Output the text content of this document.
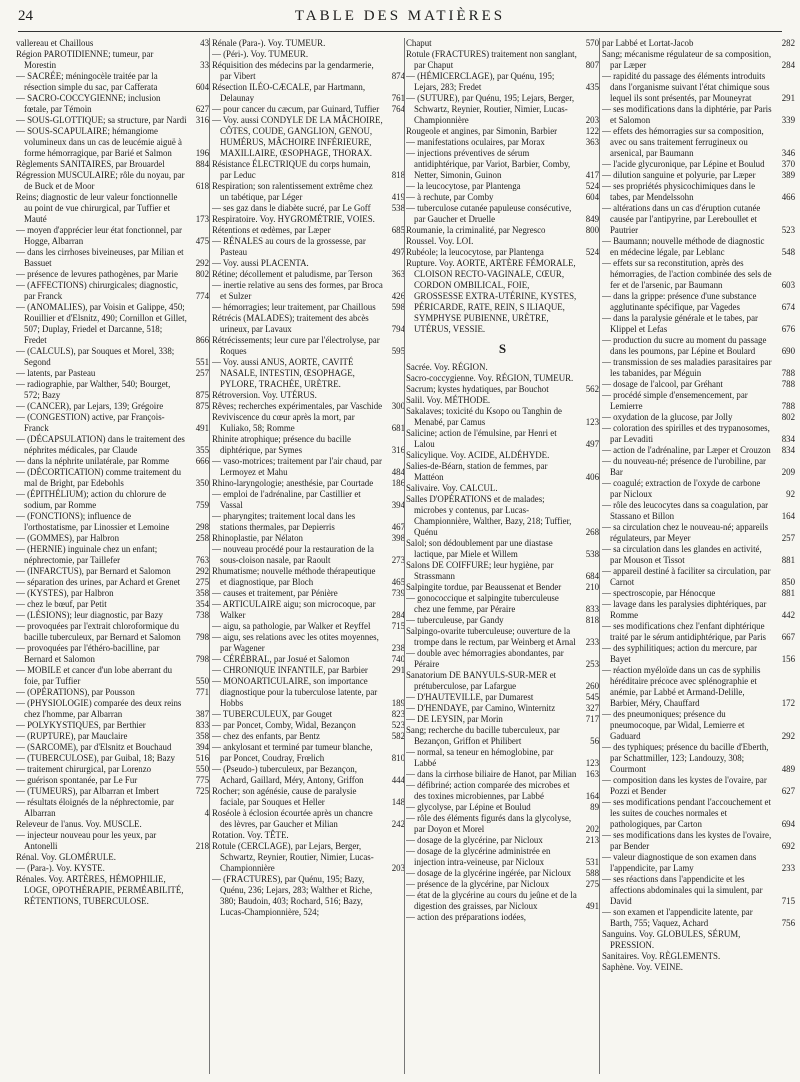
24	TABLE DES MATIÈRES

vallereau et Chaillous	43

Région PAROTIDIENNE; tumeur, par Morestin	33

— SACRÉE; méningocèle traitée par la résection simple du sac, par Cafferata	604

— SACRO-COCCYGIENNE; inclusion fœtale, par Témoin	627

— SOUS-GLOTTIQUE; sa structure, par Nardi 316

— SOUS-SCAPULAIRE; hémangiome volumineux dans un cas de leucémie aiguë à forme hémorragique, par Barié et Salmon	196

Règlements SANITAIRES, par Brouardel	884

Régression MUSCULAIRE; rôle du noyau, par de Buck et de Moor	618

Reins; diagnostic de leur valeur fonctionnelle au point de vue chirurgical, par Tuffier et Mauté	173

— moyen d'apprécier leur état fonctionnel, par Hogge, Albarran	475

— dans les cirrhoses biveineuses, par Milian et Bassuet	292

— présence de levures pathogènes, par Marie 802

— (AFFECTIONS) chirurgicales; diagnostic, par Franck	774

— (ANOMALIES), par Voisin et Galippe, 450; Rouillier et d'Elsnitz, 490; Cornillon et Gillet, 507; Duplay, Friedel et Darcanne, 518; Fredet	866

— (CALCULS), par Souques et Morel, 338; Segond	551

— latents, par Pasteau	257

— radiographie, par Walther, 540; Bourget, 572; Bazy	875

— (CANCER), par Lejars, 139; Grégoire	875

— (CONGESTION) active, par François-Franck	491

— (DÉCAPSULATION) dans le traitement des néphrites médicales, par Claude	355

— dans la néphrite unilatérale, par Romme	666

— (DÉCORTICATION) comme traitement du mal de Bright, par Edebohls	350

— (ÉPITHÉLIUM); action du chlorure de sodium, par Romme	759

— (FONCTIONS); influence de l'orthostatisme, par Linossier et Lemoine	298

— (GOMMES), par Halbron	258

— (HERNIE) inguinale chez un enfant; néphrectomie, par Taillefer	763

— (INFARCTUS), par Bernard et Salomon	292

— séparation des urines, par Achard et Grenet 275

— (KYSTES), par Halbron	358

— chez le bœuf, par Petit	354

— (LÉSIONS); leur diagnostic, par Bazy	738

— provoquées par l'extrait chloroformique du bacille tuberculeux, par Bernard et Salomon 798

— provoquées par l'éthéro-bacilline, par Bernard et Salomon	798

— MOBILE et cancer d'un lobe aberrant du foie, par Tuffier	550

— (OPÉRATIONS), par Pousson	771

— (PHYSIOLOGIE) comparée des deux reins chez l'homme, par Albarran	387

— POLYKYSTIQUES, par Berthier	833

— (RUPTURE), par Mauclaire	358

— (SARCOME), par d'Elsnitz et Bouchaud	394

— (TUBERCULOSE), par Guibal, 18; Bazy 516

— traitement chirurgical, par Lorenzo	550

— guérison spontanée, par Le Fur	775

— (TUMEURS), par Albarran et Imbert	725

— résultats éloignés de la néphrectomie, par Albarran	4

Releveur de l'anus. Voy. MUSCLE.

— injecteur nouveau pour les yeux, par Antonelli	218

Rénal. Voy. GLOMÉRULE.

— (Para-). Voy. KYSTE.

Rénales. Voy. ARTÈRES, HÉMOPHILIE, LOGE, OPOTHÉRAPIE, PERMÉABILITÉ, RÉTENTIONS, TUBERCULOSE.

Rénale (Para-). Voy. TUMEUR.

— (Péri-). Voy. TUMEUR.

Réquisition des médecins par la gendarmerie, par Vibert	874

Résection ILÉO-CÆCALE, par Hartmann, Delaunay	761

— pour cancer du cæcum, par Guinard, Tuffier 764

— Voy. aussi CONDYLE DE LA MÂCHOIRE, CÔTES, COUDE, GANGLION, GENOU, HUMÉRUS, MÂCHOIRE INFÉRIEURE, MAXILLAIRE, ŒSOPHAGE, THORAX.

Résistance ÉLECTRIQUE du corps humain, par Leduc	818

Respiration; son ralentissement extrême chez un tabétique, par Léger	419

— ses gaz dans le diabète sucré, par Le Goff 538

Respiratoire. Voy. HYGROMÉTRIE, VOIES.

Rétentions et œdèmes, par Læper	685

— RÉNALES au cours de la grossesse, par Pasteau	497

— Voy. aussi PLACENTA.

Rétine; décollement et paludisme, par Terson 363

— inertie relative au sens des formes, par Broca et Sulzer	426

— hémorragies; leur traitement, par Chaillous 598

Rétrécis (MALADES); traitement des abcès urineux, par Lavaux	794

Rétrécissements; leur cure par l'électrolyse, par Roques	595

— Voy. aussi ANUS, AORTE, CAVITÉ NASALE, INTESTIN, ŒSOPHAGE, PYLORE, TRACHÉE, URÈTRE.

Rétroversion. Voy. UTÉRUS.

Rêves; recherches expérimentales, par Vaschide 300

Reviviscence du cœur après la mort, par Kuliako, 58; Romme	681

Rhinite atrophique; présence du bacille diphtérique, par Symes	316

— vaso-motrices; traitement par l'air chaud, par Lermoyez et Mahu	484

Rhino-laryngologie; anesthésie, par Courtade 186

— emploi de l'adrénaline, par Castillier et Vassal	394

— pharyngites; traitement local dans les stations thermales, par Depierris	467

Rhinoplastie, par Nélaton	398

— nouveau procédé pour la restauration de la sous-cloison nasale, par Raoult	273

Rhumatisme; nouvelle méthode thérapeutique et diagnostique, par Bloch	465

— causes et traitement, par Pénière	739

— ARTICULAIRE aigu; son microcoque, par Walker	284

— aigu, sa pathologie, par Walker et Reyffel 715

— aigu, ses relations avec les otites moyennes, par Wagener	238

— CÉRÉBRAL, par Josué et Salomon	740

— CHRONIQUE INFANTILE, par Barbier	291

— MONOARTICULAIRE, son importance diagnostique pour la tuberculose latente, par Hobbs	189

— TUBERCULEUX, par Gouget	823

— par Poncet, Comby, Widal, Bezançon	523

— chez des enfants, par Bentz	582

— ankylosant et terminé par tumeur blanche, par Poncet, Coudray, Frœlich	810

— (Pseudo-) tuberculeux, par Bezançon, Achard, Gaillard, Méry, Antony, Griffon	444

Rocher; son agénésie, cause de paralysie faciale, par Souques et Heller	148

Roséole à éclosion écourtée après un chancre des lèvres, par Gaucher et Milian	242

Rotation. Voy. TÊTE.

Rotule (CERCLAGE), par Lejars, Berger, Schwartz, Reynier, Routier, Nimier, Lucas-Championnière	203

— (FRACTURES), par Quénu, 195; Bazy, Quénu, 236; Lejars, 283; Walther et Riche, 380; Baudoin, 403; Rochard, 516; Bazy, Lucas-Championnière, 524;

Chaput	570

Rotule (FRACTURES) traitement non sanglant, par Chaput	807

— (HÉMICERCLAGE), par Quénu, 195; Lejars, 283; Fredet	435

— (SUTURE), par Quénu, 195; Lejars, Berger, Schwartz, Reynier, Routier, Nimier, Lucas-Championnière	203

Rougeole et angines, par Simonin, Barbier	122

— manifestations oculaires, par Morax	363

— injections préventives de sérum antidiphtérique, par Variot, Barbier, Comby, Netter, Simonin, Guinon	417

— la leucocytose, par Plantenga	524

— à rechute, par Comby	604

— tuberculose cutanée papuleuse consécutive, par Gaucher et Druelle	849

Roumanie, la criminalité, par Negresco	800

Roussel. Voy. LOI.

Rubéole; la leucocytose, par Plantenga	524

Rupture. Voy. AORTE, ARTÈRE FÉMORALE, CLOISON RECTO-VAGINALE, CŒUR, CORDON OMBILICAL, FOIE, GROSSESSE EXTRA-UTÉRINE, KYSTES, PÉRICARDE, RATE, REIN, S ILIAQUE, SYMPHYSE PUBIENNE, URÈTRE, UTÉRUS, VESSIE.

S

Sacrée. Voy. RÉGION.

Sacro-coccygienne. Voy. RÉGION, TUMEUR.

Sacrum; kystes hydatiques, par Bouchot	562

Salil. Voy. MÉTHODE.

Sakalaves; toxicité du Ksopo ou Tanghin de Menabé, par Camus	123

Salicine; action de l'émulsine, par Henri et Lalou	497

Salicylique. Voy. ACIDE, ALDÉHYDE.

Salies-de-Béarn, station de femmes, par Mattéon	406

Salivaire. Voy. CALCUL.

Salles D'OPÉRATIONS et de malades; microbes y contenus, par Lucas-Championnière, Walther, Bazy, 218; Tuffier, Quénu	268

Salol; son dédoublement par une diastase lactique, par Miele et Willem	538

Salons DE COIFFURE; leur hygiène, par Strassmann	684

Salpingite tordue, par Beaussenat et Bender	210

— gonococcique et salpingite tuberculeuse chez une femme, par Péraire	833

— tuberculeuse, par Gandy	818

Salpingo-ovarite tuberculeuse; ouverture de la trompe dans le rectum, par Weinberg et Arnal 233

— double avec hémorragies abondantes, par Péraire	253

Sanatorium DE BANYULS-SUR-MER et prétuberculose, par Lafargue	260

— D'HAUTEVILLE, par Dumarest	545

— D'HENDAYE, par Camino, Winternitz	327

— DE LEYSIN, par Morin	717

Sang; recherche du bacille tuberculeux, par Bezançon, Griffon et Philibert	56

— normal, sa teneur en hémoglobine, par Labbé	123

— dans la cirrhose biliaire de Hanot, par Milian 163

— défibriné; action comparée des microbes et des toxines microbiennes, par Labbé	164

— glycolyse, par Lépine et Boulud	89

— rôle des éléments figurés dans la glycolyse, par Doyon et Morel	202

— dosage de la glycérine, par Nicloux	213

— dosage de la glycérine administrée en injection intra-veineuse, par Nicloux	531

— dosage de la glycérine ingérée, par Nicloux 588

— présence de la glycérine, par Nicloux	275

— état de la glycérine au cours du jeûne et de la digestion des graisses, par Nicloux	491

— action des préparations iodées,

par Labbé et Lortat-Jacob	282

Sang; mécanisme régulateur de sa composition, par Læper	284

— rapidité du passage des éléments introduits dans l'organisme suivant l'état chimique sous lequel ils sont présentés, par Mouneyrat	291

— ses modifications dans la diphtérie, par Paris et Salomon	339

— effets des hémorragies sur sa composition, avec ou sans traitement ferrugineux ou arsenical, par Baumann	346

— l'acide glycuronique, par Lépine et Boulud 370

— dilution sanguine et polyurie, par Læper	389

— ses propriétés physicochimiques dans le tabes, par Mendelssohn	466

— altérations dans un cas d'éruption cutanée causée par l'antipyrine, par Lereboullet et Pautrier	523

— Baumann; nouvelle méthode de diagnostic en médecine légale, par Leblanc	548

— effets sur sa reconstitution, après des hémorragies, de l'action combinée des sels de fer et de l'arsenic, par Baumann	603

— dans la grippe: présence d'une substance agglutinante spécifique, par Vagedes	674

— dans la paralysie générale et le tabes, par Klippel et Lefas	676

— production du sucre au moment du passage dans les poumons, par Lépine et Boulard	690

— transmission de ses maladies parasitaires par les tabanides, par Méguin	788

— dosage de l'alcool, par Gréhant	788

— procédé simple d'ensemencement, par Lemierre	788

— oxydation de la glucose, par Jolly	802

— coloration des spirilles et des trypanosomes, par Levaditi	834

— action de l'adrénaline, par Læper et Crouzon 834

— du nouveau-né; présence de l'urobiline, par Bar	209

— coagulé; extraction de l'oxyde de carbone par Nicloux	92

— rôle des leucocytes dans sa coagulation, par Stassano et Billon	164

— sa circulation chez le nouveau-né; appareils régulateurs, par Meyer	257

— sa circulation dans les glandes en activité, par Mouson et Tissot	881

— appareil destiné à faciliter sa circulation, par Carnot	850

— spectroscopie, par Hénocque	881

— lavage dans les paralysies diphtériques, par Romme	442

— ses modifications chez l'enfant diphtérique traité par le sérum antidiphtérique, par Paris 667

— des syphilitiques; action du mercure, par Bayet	156

— réaction myéloïde dans un cas de syphilis héréditaire précoce avec splénographie et anémie, par Labbé et Armand-Delille, Barbier, Méry, Chauffard	172

— des pneumoniques; présence du pneumocoque, par Widal, Lemierre et Gaduard	292

— des typhiques; présence du bacille d'Eberth, par Schattmiller, 123; Landouzy, 308; Courmont	489

— composition dans les kystes de l'ovaire, par Pozzi et Bender	627

— ses modifications pendant l'accouchement et les suites de couches normales et pathologiques, par Carton	694

— ses modifications dans les kystes de l'ovaire, par Bender	692

— valeur diagnostique de son examen dans l'appendicite, par Lamy	233

— ses réactions dans l'appendicite et les affections abdominales qui la simulent, par David	715

— son examen et l'appendicite latente, par Barth, 755; Vaquez, Achard	756

Sanguins. Voy. GLOBULES, SÉRUM, PRESSION.

Sanitaires. Voy. RÈGLEMENTS.

Saphène. Voy. VEINE.
